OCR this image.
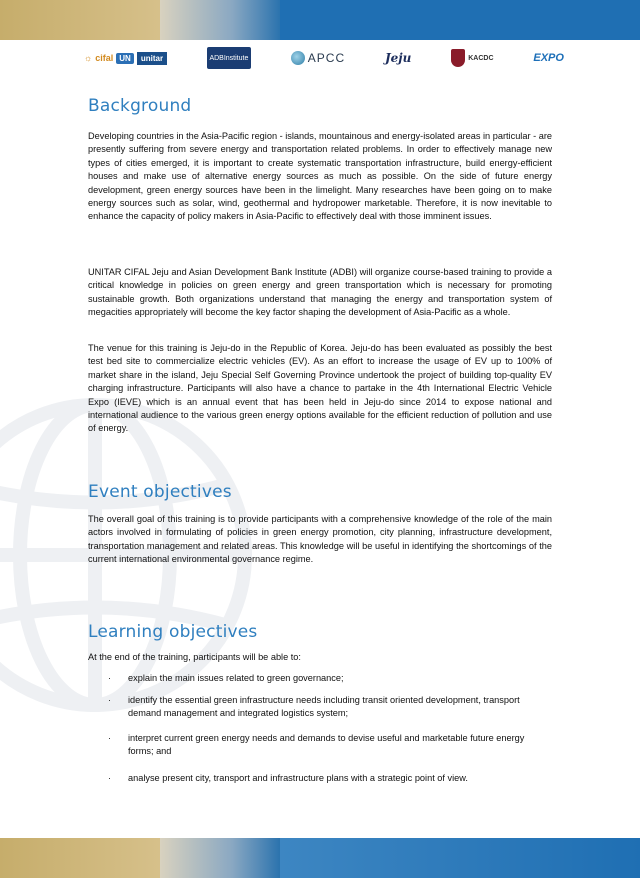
☼ cifal UN	unitar	ADBInstitute	APCC	Jeju	KACDC	EXPO
Background

Developing countries in the Asia-Pacific region - islands, mountainous and energy-isolated areas in particular - are presently suffering from severe energy and transportation related problems. In order to effectively manage new types of cities emerged, it is important to create systematic transportation infrastructure, build energy-efficient houses and make use of alternative energy sources as much as possible. On the side of future energy development, green energy sources have been in the limelight. Many researches have been going on to make energy sources such as solar, wind, geothermal and hydropower marketable. Therefore, it is now inevitable to enhance the capacity of policy makers in Asia-Pacific to effectively deal with those imminent issues.

UNITAR CIFAL Jeju and Asian Development Bank Institute (ADBI) will organize course-based training to provide a critical knowledge in policies on green energy and green transportation which is necessary for promoting sustainable growth. Both organizations understand that managing the energy and transportation system of megacities appropriately will become the key factor shaping the development of Asia-Pacific as a whole.

The venue for this training is Jeju-do in the Republic of Korea. Jeju-do has been evaluated as possibly the best test bed site to commercialize electric vehicles (EV). As an effort to increase the usage of EV up to 100% of market share in the island, Jeju Special Self Governing Province undertook the project of building top-quality EV charging infrastructure. Participants will also have a chance to partake in the 4th International Electric Vehicle Expo (IEVE) which is an annual event that has been held in Jeju-do since 2014 to expose national and international audience to the various green energy options available for the efficient reduction of pollution and use of energy.

Event objectives

The overall goal of this training is to provide participants with a comprehensive knowledge of the role of the main actors involved in formulating of policies in green energy promotion, city planning, infrastructure development, transportation management and related areas. This knowledge will be useful in identifying the shortcomings of the current international environmental governance regime.

Learning objectives

At the end of the training, participants will be able to:

· explain the main issues related to green governance;
· identify the essential green infrastructure needs including transit oriented development, transport demand management and integrated logistics system;
· interpret current green energy needs and demands to devise useful and marketable future energy forms; and
· analyse present city, transport and infrastructure plans with a strategic point of view.
